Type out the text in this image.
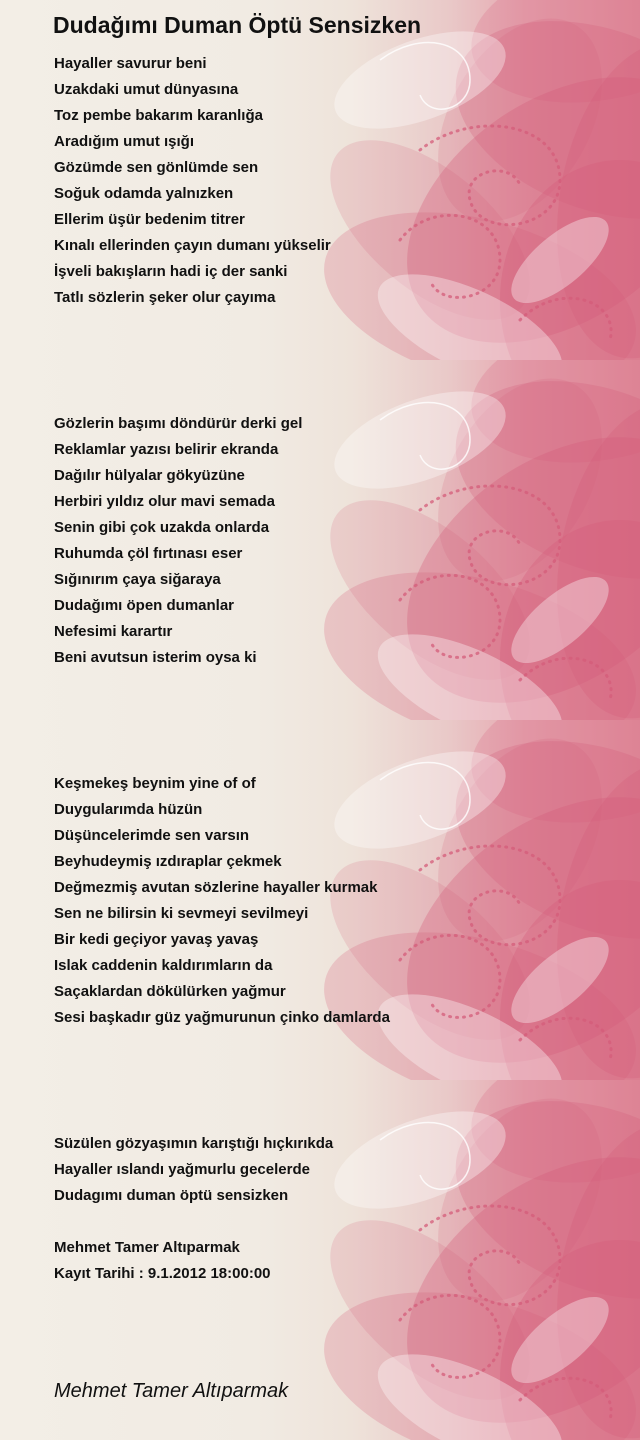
Dudağımı Duman Öptü Sensizken
Hayaller savurur beni
Uzakdaki umut dünyasına
Toz pembe bakarım karanlığa
Aradığım umut ışığı
Gözümde sen gönlümde sen
Soğuk odamda yalnızken
Ellerim üşür bedenim titrer
Kınalı ellerinden çayın dumanı yükselir
İşveli bakışların hadi iç der sanki
Tatlı sözlerin şeker olur çayıma
Gözlerin başımı döndürür derki gel
Reklamlar yazısı belirir ekranda
Dağılır hülyalar gökyüzüne
Herbiri yıldız olur mavi semada
Senin gibi çok uzakda onlarda
Ruhumda çöl fırtınası eser
Sığınırım çaya siğaraya
Dudağımı öpen dumanlar
Nefesimi karartır
Beni avutsun isterim oysa ki
Keşmekeş beynim yine of of
Duygularımda hüzün
Düşüncelerimde sen varsın
Beyhudeymiş ızdıraplar çekmek
Değmezmiş avutan sözlerine hayaller kurmak
Sen ne bilirsin ki sevmeyi sevilmeyi
Bir kedi geçiyor yavaş yavaş
Islak caddenin kaldırımların da
Saçaklardan dökülürken yağmur
Sesi başkadır güz yağmurunun çinko damlarda
Süzülen gözyaşımın karıştığı hıçkırıkda
Hayaller ıslandı yağmurlu gecelerde
Dudagımı duman öptü sensizken
Mehmet Tamer Altıparmak
Kayıt Tarihi : 9.1.2012 18:00:00
Mehmet Tamer Altıparmak
